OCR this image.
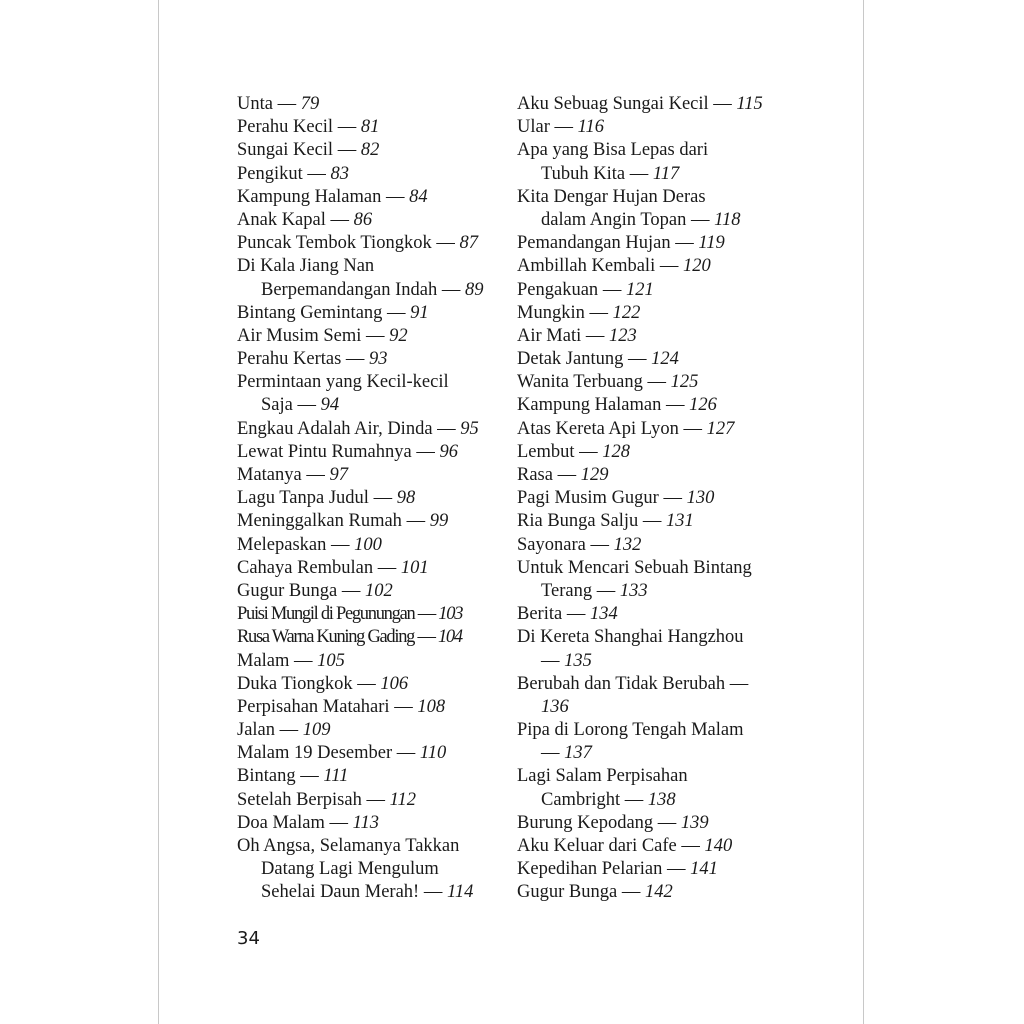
Unta — 79
Perahu Kecil — 81
Sungai Kecil — 82
Pengikut — 83
Kampung Halaman — 84
Anak Kapal — 86
Puncak Tembok Tiongkok — 87
Di Kala Jiang Nan
Berpemandangan Indah — 89
Bintang Gemintang — 91
Air Musim Semi — 92
Perahu Kertas — 93
Permintaan yang Kecil-kecil
Saja — 94
Engkau Adalah Air, Dinda — 95
Lewat Pintu Rumahnya — 96
Matanya — 97
Lagu Tanpa Judul — 98
Meninggalkan Rumah — 99
Melepaskan — 100
Cahaya Rembulan — 101
Gugur Bunga — 102
Puisi Mungil di Pegunungan — 103
Rusa Warna Kuning Gading — 104
Malam — 105
Duka Tiongkok — 106
Perpisahan Matahari — 108
Jalan — 109
Malam 19 Desember — 110
Bintang — 111
Setelah Berpisah — 112
Doa Malam — 113
Oh Angsa, Selamanya Takkan
Datang Lagi Mengulum
Sehelai Daun Merah! — 114
Aku Sebuag Sungai Kecil — 115
Ular — 116
Apa yang Bisa Lepas dari
Tubuh Kita — 117
Kita Dengar Hujan Deras
dalam Angin Topan — 118
Pemandangan Hujan — 119
Ambillah Kembali — 120
Pengakuan — 121
Mungkin — 122
Air Mati — 123
Detak Jantung — 124
Wanita Terbuang — 125
Kampung Halaman — 126
Atas Kereta Api Lyon — 127
Lembut — 128
Rasa — 129
Pagi Musim Gugur — 130
Ria Bunga Salju — 131
Sayonara — 132
Untuk Mencari Sebuah Bintang
Terang — 133
Berita — 134
Di Kereta Shanghai Hangzhou
— 135
Berubah dan Tidak Berubah —
136
Pipa di Lorong Tengah Malam
— 137
Lagi Salam Perpisahan
Cambright — 138
Burung Kepodang — 139
Aku Keluar dari Cafe — 140
Kepedihan Pelarian — 141
Gugur Bunga — 142
34
